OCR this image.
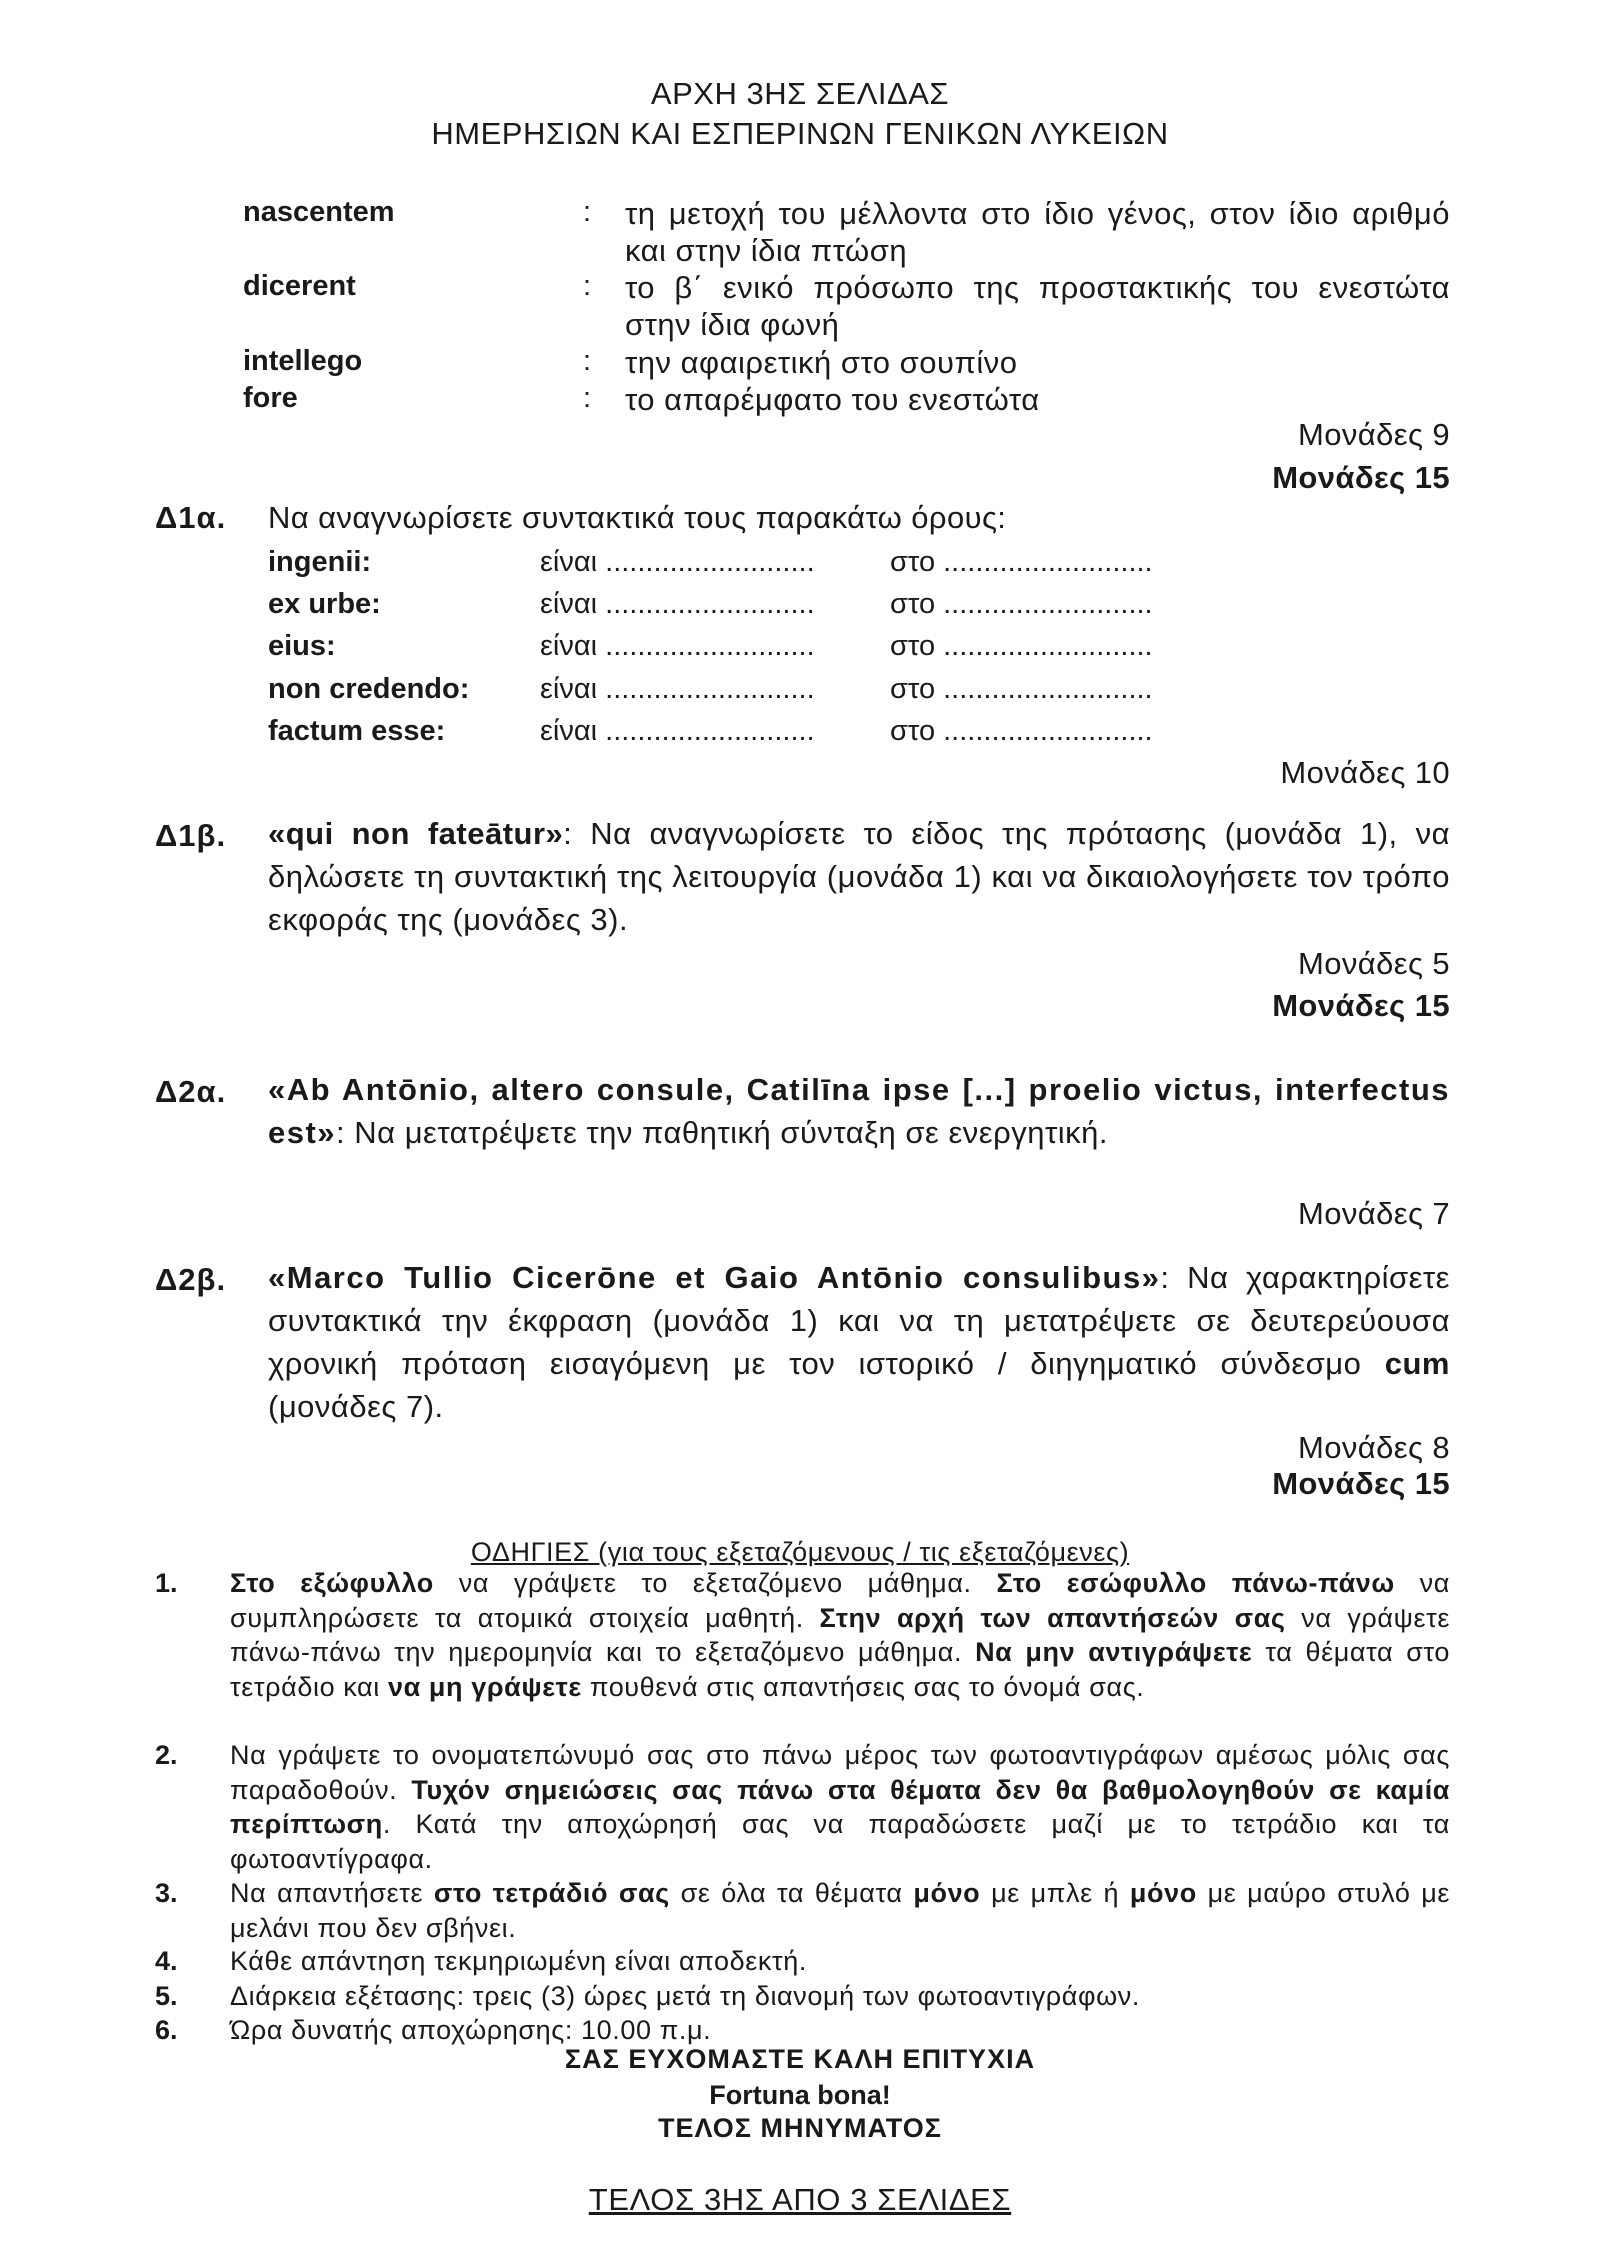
ΑΡΧΗ 3ΗΣ ΣΕΛΙΔΑΣ
ΗΜΕΡΗΣΙΩΝ ΚΑΙ ΕΣΠΕΡΙΝΩΝ ΓΕΝΙΚΩΝ ΛΥΚΕΙΩΝ
nascentem	: τη μετοχή του μέλλοντα στο ίδιο γένος, στον ίδιο αριθμό και στην ίδια πτώση
dicerent	: το β΄ ενικό πρόσωπο της προστακτικής του ενεστώτα στην ίδια φωνή
intellego	: την αφαιρετική στο σουπίνο
fore	: το απαρέμφατο του ενεστώτα
Μονάδες 9
Μονάδες 15
Δ1α. Να αναγνωρίσετε συντακτικά τους παρακάτω όρους:
ingenii:	είναι ..........................	στο ..........................
ex urbe:	είναι ..........................	στο ..........................
eius:	είναι ..........................	στο ..........................
non credendo: είναι ..........................	στο ..........................
factum esse:	είναι ..........................	στο ..........................
Μονάδες 10
Δ1β. «qui non fateātur»: Να αναγνωρίσετε το είδος της πρότασης (μονάδα 1), να δηλώσετε τη συντακτική της λειτουργία (μονάδα 1) και να δικαιολογήσετε τον τρόπο εκφοράς της (μονάδες 3).
Μονάδες 5
Μονάδες 15
Δ2α. «Ab Antōnio, altero consule, Catilīna ipse [...] proelio victus, interfectus est»: Να μετατρέψετε την παθητική σύνταξη σε ενεργητική.
Μονάδες 7
Δ2β. «Marco Tullio Cicerōne et Gaio Antōnio consulibus»: Να χαρακτηρίσετε συντακτικά την έκφραση (μονάδα 1) και να τη μετατρέψετε σε δευτερεύουσα χρονική πρόταση εισαγόμενη με τον ιστορικό / διηγηματικό σύνδεσμο cum (μονάδες 7).
Μονάδες 8
Μονάδες 15
ΟΔΗΓΙΕΣ (για τους εξεταζόμενους / τις εξεταζόμενες)
1. Στο εξώφυλλο να γράψετε το εξεταζόμενο μάθημα. Στο εσώφυλλο πάνω-πάνω να συμπληρώσετε τα ατομικά στοιχεία μαθητή. Στην αρχή των απαντήσεών σας να γράψετε πάνω-πάνω την ημερομηνία και το εξεταζόμενο μάθημα. Να μην αντιγράψετε τα θέματα στο τετράδιο και να μη γράψετε πουθενά στις απαντήσεις σας το όνομά σας.
2. Να γράψετε το ονοματεπώνυμό σας στο πάνω μέρος των φωτοαντιγράφων αμέσως μόλις σας παραδοθούν. Τυχόν σημειώσεις σας πάνω στα θέματα δεν θα βαθμολογηθούν σε καμία περίπτωση. Κατά την αποχώρησή σας να παραδώσετε μαζί με το τετράδιο και τα φωτοαντίγραφα.
3. Να απαντήσετε στο τετράδιό σας σε όλα τα θέματα μόνο με μπλε ή μόνο με μαύρο στυλό με μελάνι που δεν σβήνει.
4. Κάθε απάντηση τεκμηριωμένη είναι αποδεκτή.
5. Διάρκεια εξέτασης: τρεις (3) ώρες μετά τη διανομή των φωτοαντιγράφων.
6. Ώρα δυνατής αποχώρησης: 10.00 π.μ.
ΣΑΣ ΕΥΧΟΜΑΣΤΕ ΚΑΛΗ ΕΠΙΤΥΧΙΑ
Fortuna bona!
ΤΕΛΟΣ ΜΗΝΥΜΑΤΟΣ
ΤΕΛΟΣ 3ΗΣ ΑΠΟ 3 ΣΕΛΙΔΕΣ
